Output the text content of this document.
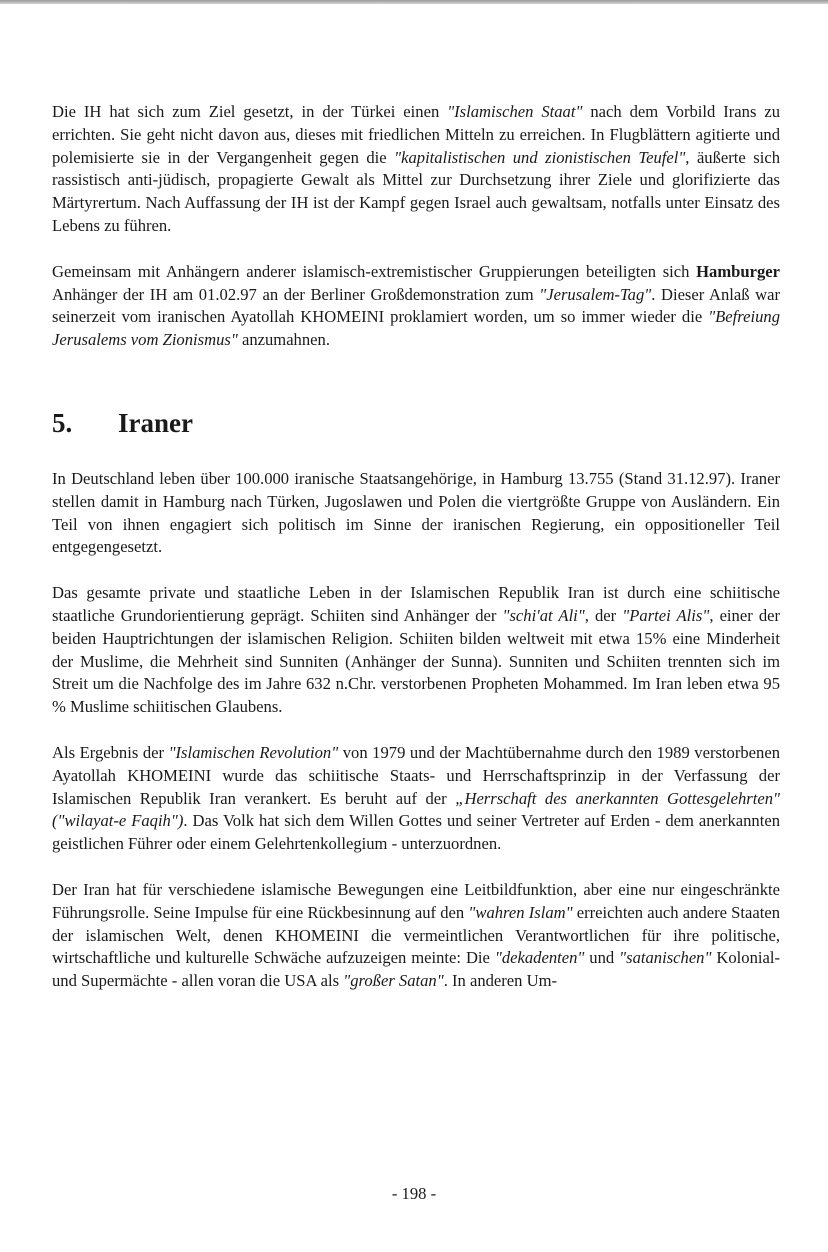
Die IH hat sich zum Ziel gesetzt, in der Türkei einen "Islamischen Staat" nach dem Vorbild Irans zu errichten. Sie geht nicht davon aus, dieses mit friedlichen Mitteln zu erreichen. In Flugblättern agitierte und polemisierte sie in der Vergangenheit gegen die "kapitalistischen und zionistischen Teufel", äußerte sich rassistisch anti-jüdisch, propagierte Gewalt als Mittel zur Durchsetzung ihrer Ziele und glorifizierte das Märtyrertum. Nach Auffassung der IH ist der Kampf gegen Israel auch gewaltsam, notfalls unter Einsatz des Lebens zu führen.

Gemeinsam mit Anhängern anderer islamisch-extremistischer Gruppierungen beteiligten sich Hamburger Anhänger der IH am 01.02.97 an der Berliner Großdemonstration zum "Jerusalem-Tag". Dieser Anlaß war seinerzeit vom iranischen Ayatollah KHOMEINI proklamiert worden, um so immer wieder die "Befreiung Jerusalems vom Zionismus" anzumahnen.

5. Iraner

In Deutschland leben über 100.000 iranische Staatsangehörige, in Hamburg 13.755 (Stand 31.12.97). Iraner stellen damit in Hamburg nach Türken, Jugoslawen und Polen die viertgrößte Gruppe von Ausländern. Ein Teil von ihnen engagiert sich politisch im Sinne der iranischen Regierung, ein oppositioneller Teil entgegengesetzt.

Das gesamte private und staatliche Leben in der Islamischen Republik Iran ist durch eine schiitische staatliche Grundorientierung geprägt. Schiiten sind Anhänger der "schi'at Ali", der "Partei Alis", einer der beiden Hauptrichtungen der islamischen Religion. Schiiten bilden weltweit mit etwa 15% eine Minderheit der Muslime, die Mehrheit sind Sunniten (Anhänger der Sunna). Sunniten und Schiiten trennten sich im Streit um die Nachfolge des im Jahre 632 n.Chr. verstorbenen Propheten Mohammed. Im Iran leben etwa 95 % Muslime schiitischen Glaubens.

Als Ergebnis der "Islamischen Revolution" von 1979 und der Machtübernahme durch den 1989 verstorbenen Ayatollah KHOMEINI wurde das schiitische Staats- und Herrschaftsprinzip in der Verfassung der Islamischen Republik Iran verankert. Es beruht auf der „Herrschaft des anerkannten Gottesgelehrten" ("wilayat-e Faqih"). Das Volk hat sich dem Willen Gottes und seiner Vertreter auf Erden - dem anerkannten geistlichen Führer oder einem Gelehrtenkollegium - unterzuordnen.

Der Iran hat für verschiedene islamische Bewegungen eine Leitbildfunktion, aber eine nur eingeschränkte Führungsrolle. Seine Impulse für eine Rückbesinnung auf den "wahren Islam" erreichten auch andere Staaten der islamischen Welt, denen KHOMEINI die vermeintlichen Verantwortlichen für ihre politische, wirtschaftliche und kulturelle Schwäche aufzuzeigen meinte: Die "dekadenten" und "satanischen" Kolonial- und Supermächte - allen voran die USA als "großer Satan". In anderen Um-

- 198 -
